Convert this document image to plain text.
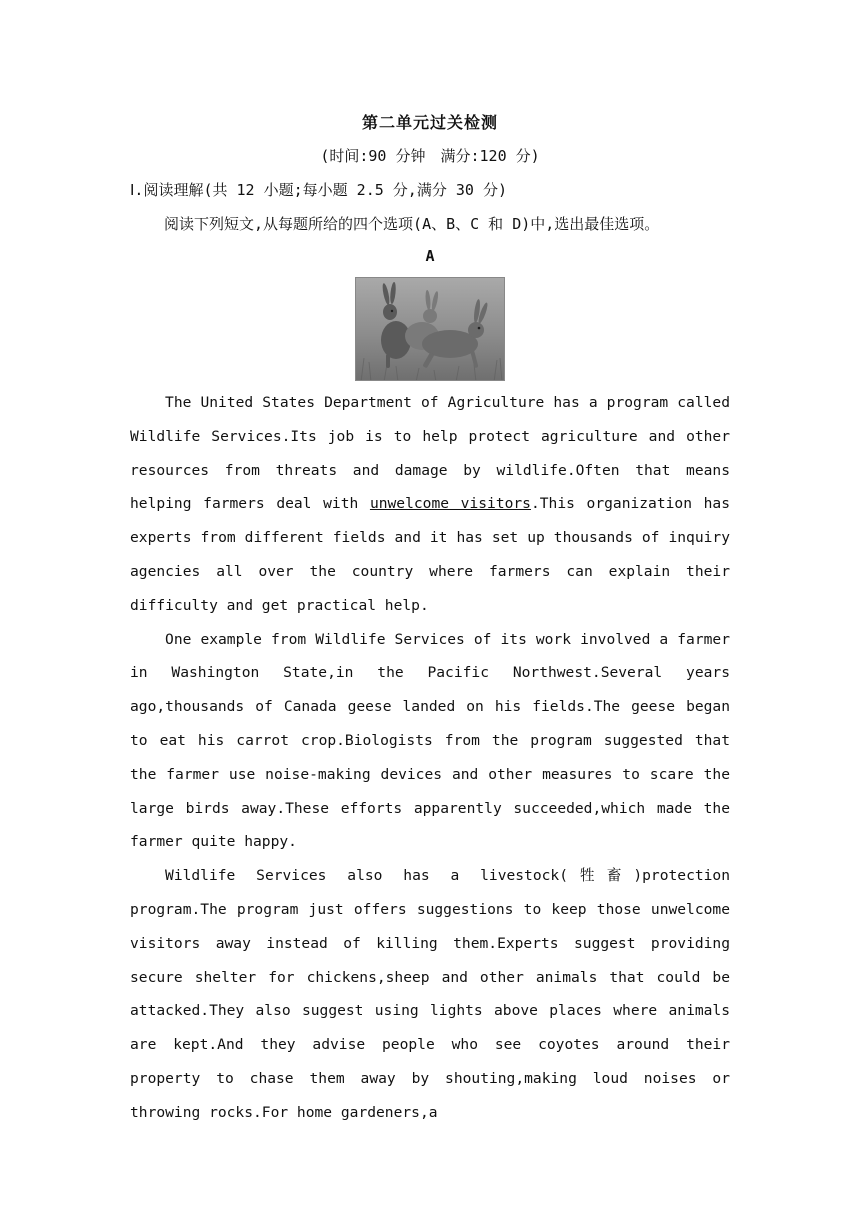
第二单元过关检测
(时间:90 分钟　满分:120 分)
Ⅰ.阅读理解(共 12 小题;每小题 2.5 分,满分 30 分)
阅读下列短文,从每题所给的四个选项(A、B、C 和 D)中,选出最佳选项。
A

The United States Department of Agriculture has a program called Wildlife Services.Its job is to help protect agriculture and other resources from threats and damage by wildlife.Often that means helping farmers deal with unwelcome visitors.This organization has experts from different fields and it has set up thousands of inquiry agencies all over the country where farmers can explain their difficulty and get practical help.

One example from Wildlife Services of its work involved a farmer in Washington State,in the Pacific Northwest.Several years ago,thousands of Canada geese landed on his fields.The geese began to eat his carrot crop.Biologists from the program suggested that the farmer use noise-making devices and other measures to scare the large birds away.These efforts apparently succeeded,which made the farmer quite happy.

Wildlife Services also has a livestock(牲畜)protection program.The program just offers suggestions to keep those unwelcome visitors away instead of killing them.Experts suggest providing secure shelter for chickens,sheep and other animals that could be attacked.They also suggest using lights above places where animals are kept.And they advise people who see coyotes around their property to chase them away by shouting,making loud noises or throwing rocks.For home gardeners,a
